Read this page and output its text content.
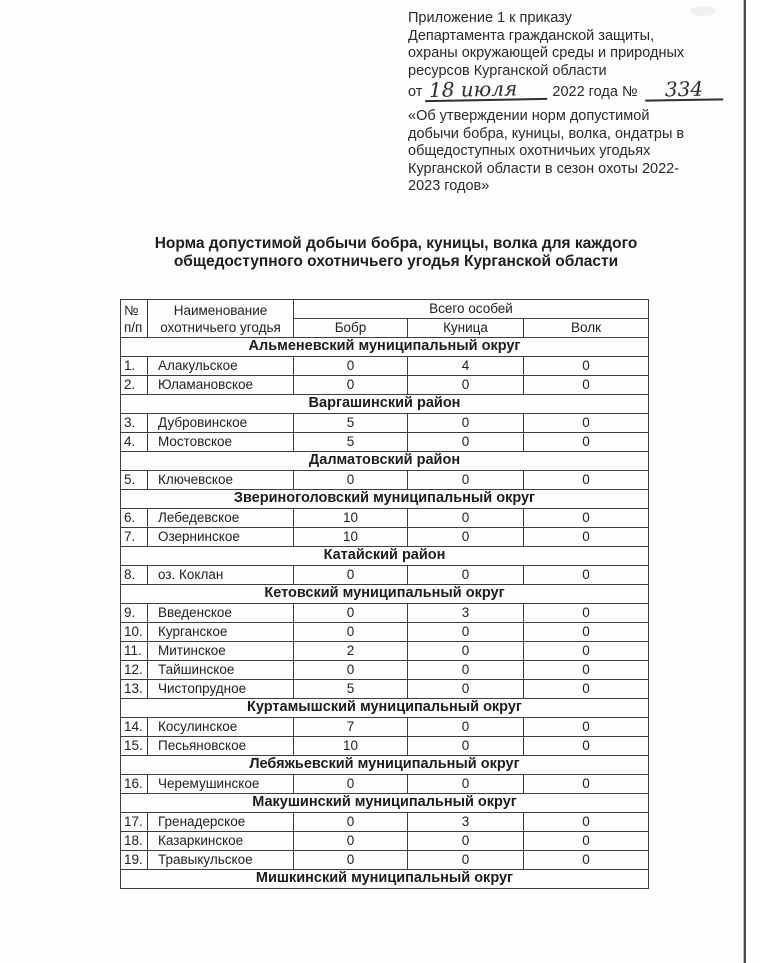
Приложение 1 к приказу
Департамента гражданской защиты,
охраны окружающей среды и природных
ресурсов Курганской области
от 18 июля	2022 года №	334
«Об утверждении норм допустимой
добычи бобра, куницы, волка, ондатры в
общедоступных охотничьих угодьях
Курганской области в сезон охоты 2022-
2023 годов»
Норма допустимой добычи бобра, куницы, волка для каждого
общедоступного охотничьего угодья Курганской области
№
п/п

Наименование
охотничьего угодья
	Всего особей
		Бобр	Куница	Волк
Альменевский муниципальный округ				
1.	Алакульское	0	4	0
2.	Юламановское	0	0	0
Варгашинский район				
3.	Дубровинское	5	0	0
4.	Мостовское	5	0	0
Далматовский район				
5.	Ключевское	0	0	0
Звериноголовский муниципальный округ				
6.	Лебедевское	10	0	0
7.	Озернинское	10	0	0
Катайский район				
8.	оз. Коклан	0	0	0
Кетовский муниципальный округ				
9.	Введенское	0	3	0
10.	Курганское	0	0	0
11.	Митинское	2	0	0
12.	Тайшинское	0	0	0
13.	Чистопрудное	5	0	0
Куртамышский муниципальный округ				
14.	Косулинское	7	0	0
15.	Песьяновское	10	0	0
Лебяжьевский муниципальный округ				
16.	Черемушинское	0	0	0
Макушинский муниципальный округ				
17.	Гренадерское	0	3	0
18.	Казаркинское	0	0	0
19.	Травыкульское	0	0	0
Мишкинский муниципальный округ				
